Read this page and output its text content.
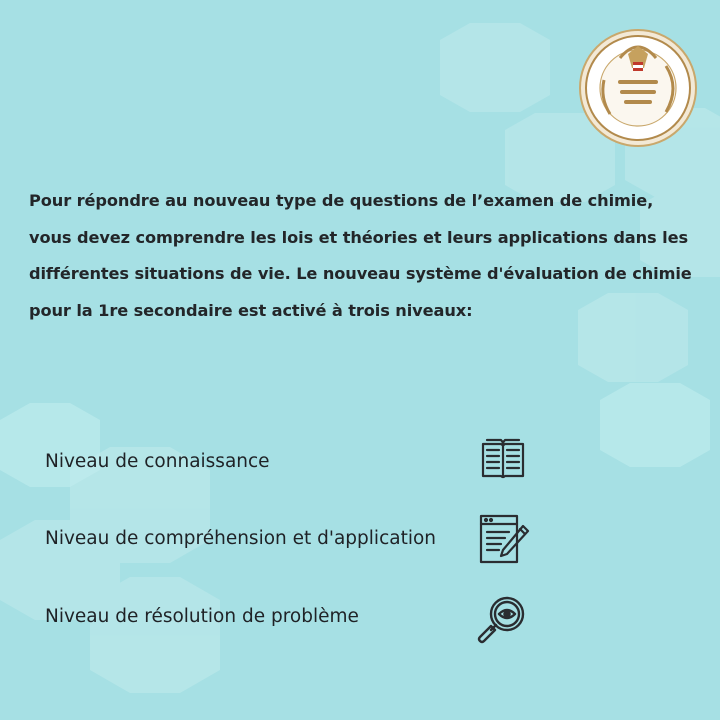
Pour répondre au nouveau type de questions de l’examen de chimie, vous devez comprendre les lois et théories et leurs applications dans les différentes situations de vie. Le nouveau système d'évaluation de chimie pour la 1re secondaire est activé à trois niveaux:

Niveau de connaissance

Niveau de compréhension et d'application

Niveau de résolution de problème
